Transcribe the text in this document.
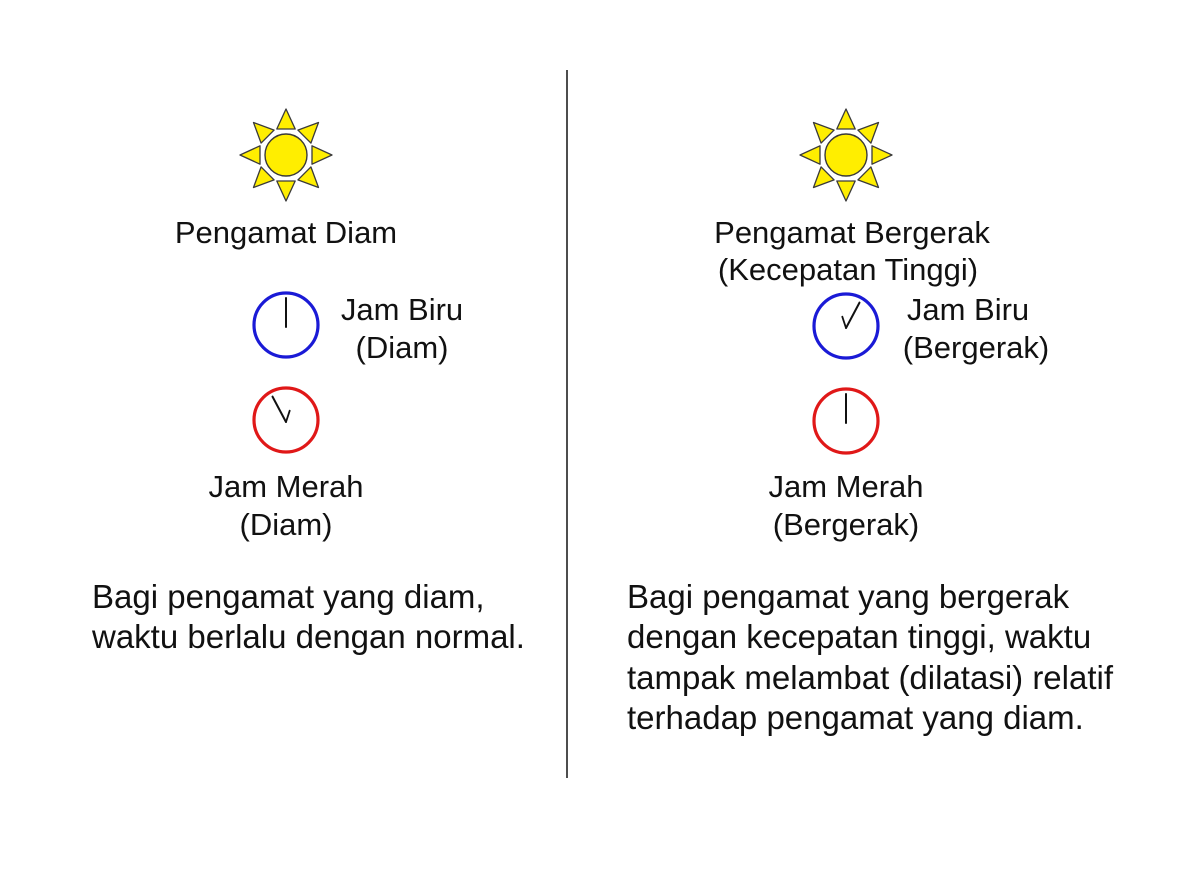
Pengamat Diam
Jam Biru
(Diam)
Jam Merah
(Diam)
Bagi pengamat yang diam,
waktu berlalu dengan normal.
Pengamat Bergerak
(Kecepatan Tinggi)
Jam Biru
(Bergerak)
Jam Merah
(Bergerak)
Bagi pengamat yang bergerak
dengan kecepatan tinggi, waktu
tampak melambat (dilatasi) relatif
terhadap pengamat yang diam.
